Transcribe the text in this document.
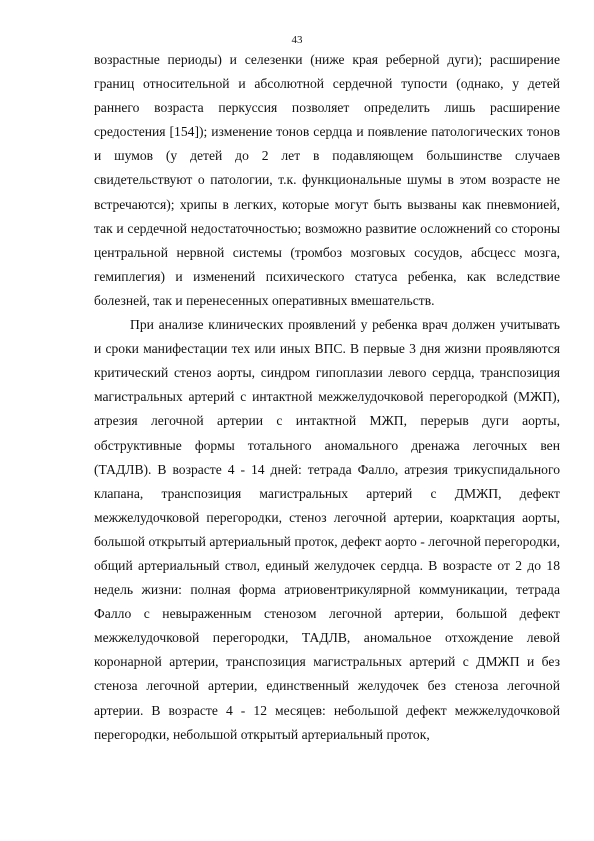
43

возрастные периоды) и селезенки (ниже края реберной дуги); расширение границ относительной и абсолютной сердечной тупости (однако, у детей раннего возраста перкуссия позволяет определить лишь расширение средостения [154]); изменение тонов сердца и появление патологических тонов и шумов (у детей до 2 лет в подавляющем большинстве случаев свидетельствуют о патологии, т.к. функциональные шумы в этом возрасте не встречаются); хрипы в легких, которые могут быть вызваны как пневмонией, так и сердечной недостаточностью; возможно развитие осложнений со стороны центральной нервной системы (тромбоз мозговых сосудов, абсцесс мозга, гемиплегия) и изменений психического статуса ребенка, как вследствие болезней, так и перенесенных оперативных вмешательств.

При анализе клинических проявлений у ребенка врач должен учитывать и сроки манифестации тех или иных ВПС. В первые 3 дня жизни проявляются критический стеноз аорты, синдром гипоплазии левого сердца, транспозиция магистральных артерий с интактной межжелудочковой перегородкой (МЖП), атрезия легочной артерии с интактной МЖП, перерыв дуги аорты, обструктивные формы тотального аномального дренажа легочных вен (ТАДЛВ). В возрасте 4 ‑ 14 дней: тетрада Фалло, атрезия трикуспидального клапана, транспозиция магистральных артерий с ДМЖП, дефект межжелудочковой перегородки, стеноз легочной артерии, коарктация аорты, большой открытый артериальный проток, дефект аорто ‑ легочной перегородки, общий артериальный ствол, единый желудочек сердца. В возрасте от 2 до 18 недель жизни: полная форма атриовентрикулярной коммуникации, тетрада Фалло с невыраженным стенозом легочной артерии, большой дефект межжелудочковой перегородки, ТАДЛВ, аномальное отхождение левой коронарной артерии, транспозиция магистральных артерий с ДМЖП и без стеноза легочной артерии, единственный желудочек без стеноза легочной артерии. В возрасте 4 ‑ 12 месяцев: небольшой дефект межжелудочковой перегородки, небольшой открытый артериальный проток,
